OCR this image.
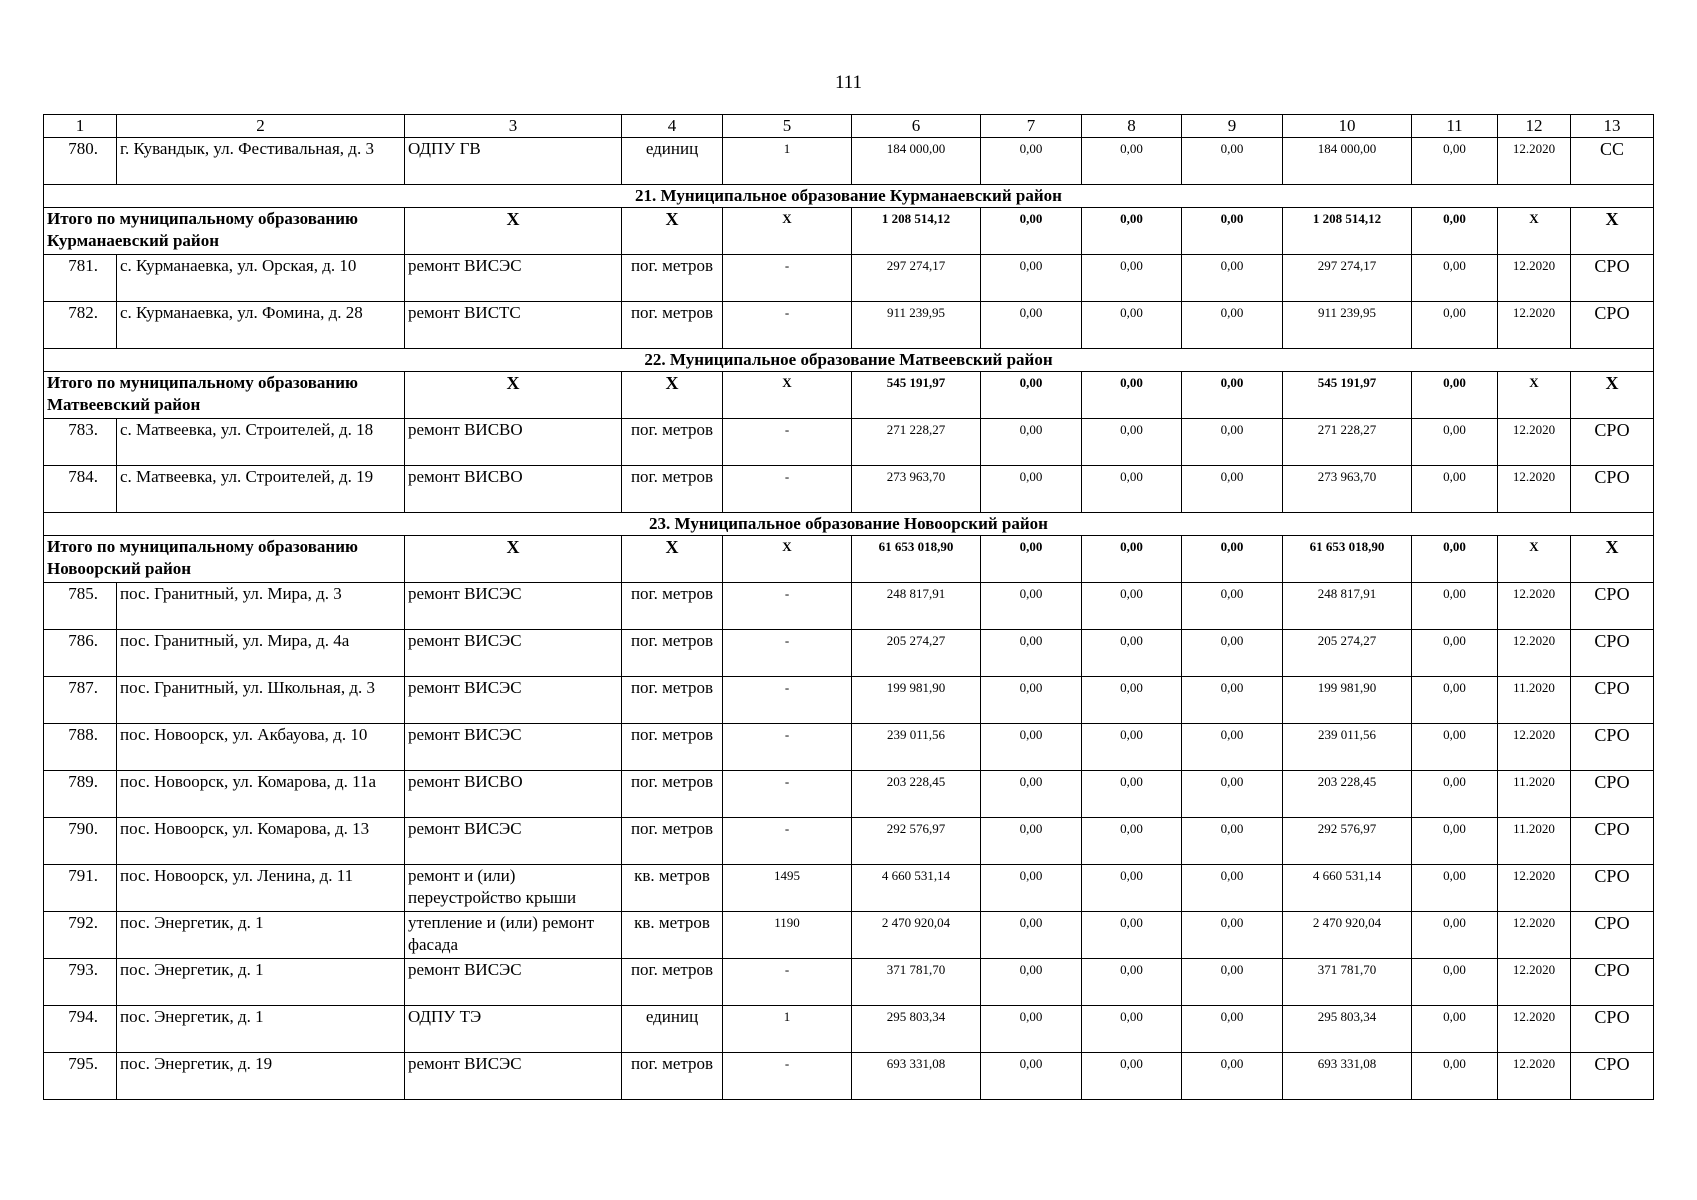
111
1	2	3	4	5	6	7	8	9	10	11	12	13
780.	г. Кувандык, ул. Фестивальная, д. 3	ОДПУ ГВ	единиц	1	184 000,00	0,00	0,00	0,00	184 000,00	0,00	12.2020	СС
21. Муниципальное образование Курманаевский район												
Итого по муниципальному образованию Курманаевский район		Х	Х	Х	1 208 514,12	0,00	0,00	0,00	1 208 514,12	0,00	Х	Х
781.	с. Курманаевка, ул. Орская, д. 10	ремонт ВИСЭС	пог. метров	-	297 274,17	0,00	0,00	0,00	297 274,17	0,00	12.2020	СРО
782.	с. Курманаевка, ул. Фомина, д. 28	ремонт ВИСТС	пог. метров	-	911 239,95	0,00	0,00	0,00	911 239,95	0,00	12.2020	СРО
22. Муниципальное образование Матвеевский район												
Итого по муниципальному образованию Матвеевский район		Х	Х	Х	545 191,97	0,00	0,00	0,00	545 191,97	0,00	Х	Х
783.	с. Матвеевка, ул. Строителей, д. 18	ремонт ВИСВО	пог. метров	-	271 228,27	0,00	0,00	0,00	271 228,27	0,00	12.2020	СРО
784.	с. Матвеевка, ул. Строителей, д. 19	ремонт ВИСВО	пог. метров	-	273 963,70	0,00	0,00	0,00	273 963,70	0,00	12.2020	СРО
23. Муниципальное образование Новоорский район												
Итого по муниципальному образованию Новоорский район		Х	Х	Х	61 653 018,90	0,00	0,00	0,00	61 653 018,90	0,00	Х	Х
785.	пос. Гранитный, ул. Мира, д. 3	ремонт ВИСЭС	пог. метров	-	248 817,91	0,00	0,00	0,00	248 817,91	0,00	12.2020	СРО
786.	пос. Гранитный, ул. Мира, д. 4а	ремонт ВИСЭС	пог. метров	-	205 274,27	0,00	0,00	0,00	205 274,27	0,00	12.2020	СРО
787.	пос. Гранитный, ул. Школьная, д. 3	ремонт ВИСЭС	пог. метров	-	199 981,90	0,00	0,00	0,00	199 981,90	0,00	11.2020	СРО
788.	пос. Новоорск, ул. Акбауова, д. 10	ремонт ВИСЭС	пог. метров	-	239 011,56	0,00	0,00	0,00	239 011,56	0,00	12.2020	СРО
789.	пос. Новоорск, ул. Комарова, д. 11а	ремонт ВИСВО	пог. метров	-	203 228,45	0,00	0,00	0,00	203 228,45	0,00	11.2020	СРО
790.	пос. Новоорск, ул. Комарова, д. 13	ремонт ВИСЭС	пог. метров	-	292 576,97	0,00	0,00	0,00	292 576,97	0,00	11.2020	СРО
791.	пос. Новоорск, ул. Ленина, д. 11	ремонт и (или) переустройство крыши	кв. метров	1495	4 660 531,14	0,00	0,00	0,00	4 660 531,14	0,00	12.2020	СРО
792.	пос. Энергетик, д. 1	утепление и (или) ремонт фасада	кв. метров	1190	2 470 920,04	0,00	0,00	0,00	2 470 920,04	0,00	12.2020	СРО
793.	пос. Энергетик, д. 1	ремонт ВИСЭС	пог. метров	-	371 781,70	0,00	0,00	0,00	371 781,70	0,00	12.2020	СРО
794.	пос. Энергетик, д. 1	ОДПУ ТЭ	единиц	1	295 803,34	0,00	0,00	0,00	295 803,34	0,00	12.2020	СРО
795.	пос. Энергетик, д. 19	ремонт ВИСЭС	пог. метров	-	693 331,08	0,00	0,00	0,00	693 331,08	0,00	12.2020	СРО
